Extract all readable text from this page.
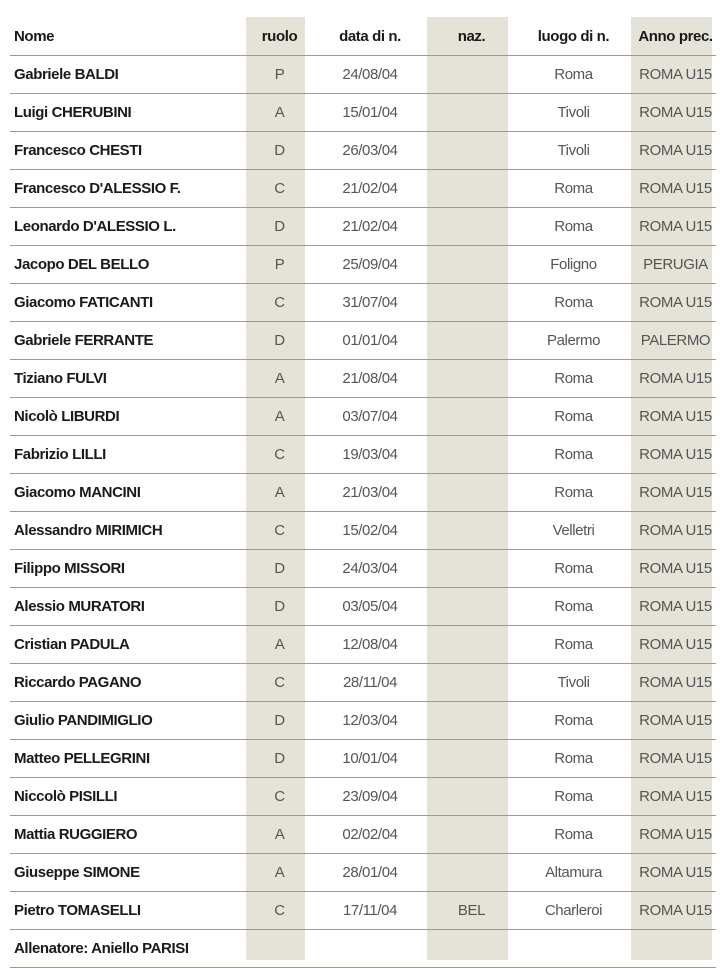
Nome	ruolo	data di n.	naz.	luogo di n.	Anno prec.
Gabriele BALDI	P	24/08/04		Roma	ROMA U15
Luigi CHERUBINI	A	15/01/04		Tivoli	ROMA U15
Francesco CHESTI	D	26/03/04		Tivoli	ROMA U15
Francesco D'ALESSIO F.	C	21/02/04		Roma	ROMA U15
Leonardo D'ALESSIO L.	D	21/02/04		Roma	ROMA U15
Jacopo DEL BELLO	P	25/09/04		Foligno	PERUGIA
Giacomo FATICANTI	C	31/07/04		Roma	ROMA U15
Gabriele FERRANTE	D	01/01/04		Palermo	PALERMO
Tiziano FULVI	A	21/08/04		Roma	ROMA U15
Nicolò LIBURDI	A	03/07/04		Roma	ROMA U15
Fabrizio LILLI	C	19/03/04		Roma	ROMA U15
Giacomo MANCINI	A	21/03/04		Roma	ROMA U15
Alessandro MIRIMICH	C	15/02/04		Velletri	ROMA U15
Filippo MISSORI	D	24/03/04		Roma	ROMA U15
Alessio MURATORI	D	03/05/04		Roma	ROMA U15
Cristian PADULA	A	12/08/04		Roma	ROMA U15
Riccardo PAGANO	C	28/11/04		Tivoli	ROMA U15
Giulio PANDIMIGLIO	D	12/03/04		Roma	ROMA U15
Matteo PELLEGRINI	D	10/01/04		Roma	ROMA U15
Niccolò PISILLI	C	23/09/04		Roma	ROMA U15
Mattia RUGGIERO	A	02/02/04		Roma	ROMA U15
Giuseppe SIMONE	A	28/01/04		Altamura	ROMA U15
Pietro TOMASELLI	C	17/11/04	BEL	Charleroi	ROMA U15
Allenatore: Aniello PARISI					
